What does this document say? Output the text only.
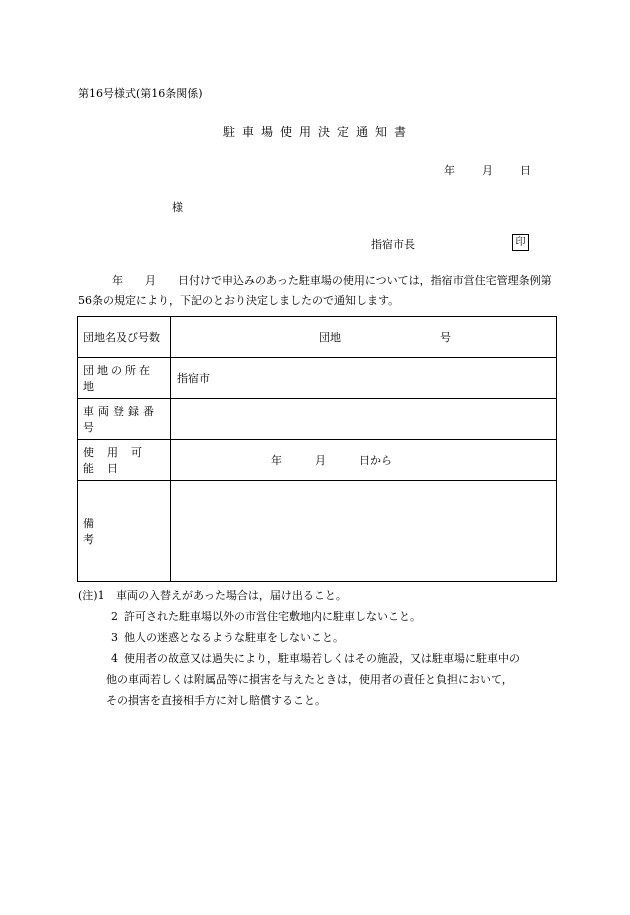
第16号様式(第16条関係)
駐車場使用決定通知書
年 月 日
様
指宿市長	印
年　　月　　日付けで申込みのあった駐車場の使用については，指宿市営住宅管理条例第56条の規定により，下記のとおり決定しましたので通知します。
団地名及び号数	団地　　　　　　　　　号

団地の所在地	指宿市

車両登録番号	

使用可能日	年　　　月　　　日から

備考	

(注)1	車両の入替えがあった場合は，届け出ること。
2 許可された駐車場以外の市営住宅敷地内に駐車しないこと。
3 他人の迷惑となるような駐車をしないこと。
4 使用者の故意又は過失により，駐車場若しくはその施設，又は駐車場に駐車中の
他の車両若しくは附属品等に損害を与えたときは，使用者の責任と負担において，
その損害を直接相手方に対し賠償すること。
